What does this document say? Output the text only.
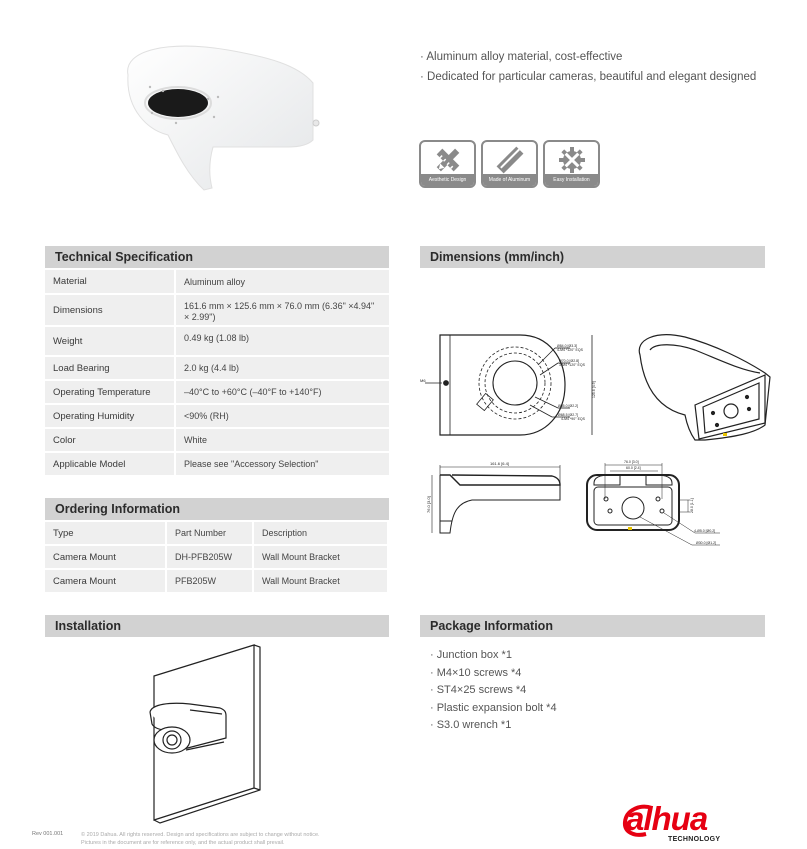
· Aluminum alloy material, cost-effective
· Dedicated for particular cameras, beautiful and elegant designed
Aesthetic Design	Made of Aluminum	Easy Installation
Technical Specification
Material	Aluminum alloy
Dimensions	161.6 mm × 125.6 mm × 76.0 mm (6.36" ×4.94" × 2.99")
Weight	0.49 kg (1.08 lb)
Load Bearing	2.0 kg (4.4 lb)
Operating Temperature	–40°C to +60°C (–40°F to +140°F)
Operating Humidity	<90% (RH)
Color	White
Applicable Model	Please see "Accessory Selection"
Ordering Information
Type	Part Number	Description
Camera Mount	DH-PFB205W	Wall Mount Bracket
Camera Mount	PFB205W	Wall Mount Bracket
Installation
Dimensions (mm/inch)
M6
Ø84.0 [Ø3.3]
4-M4 *120° EQS
Ø70.0 [Ø2.8]
3-M4 *120° EQS
Ø55.0 [Ø2.2]
Ø68.5 [Ø2.7]
4-M4 *90° EQS
125.6 [4.9]
161.6 [6.4]
76.0 [3.0]
76.0 [3.0]
60.0 [2.4]
28.0 [1.1]
4-Ø5.0 [Ø0.2]
Ø30.0 [Ø1.2]
Package Information
· Junction box *1
· M4×10 screws *4
· ST4×25 screws *4
· Plastic expansion bolt *4
· S3.0 wrench *1
Rev 001.001	© 2019 Dahua. All rights reserved. Design and specifications are subject to change without notice.
Pictures in the document are for reference only, and the actual product shall prevail.
alhua
TECHNOLOGY
